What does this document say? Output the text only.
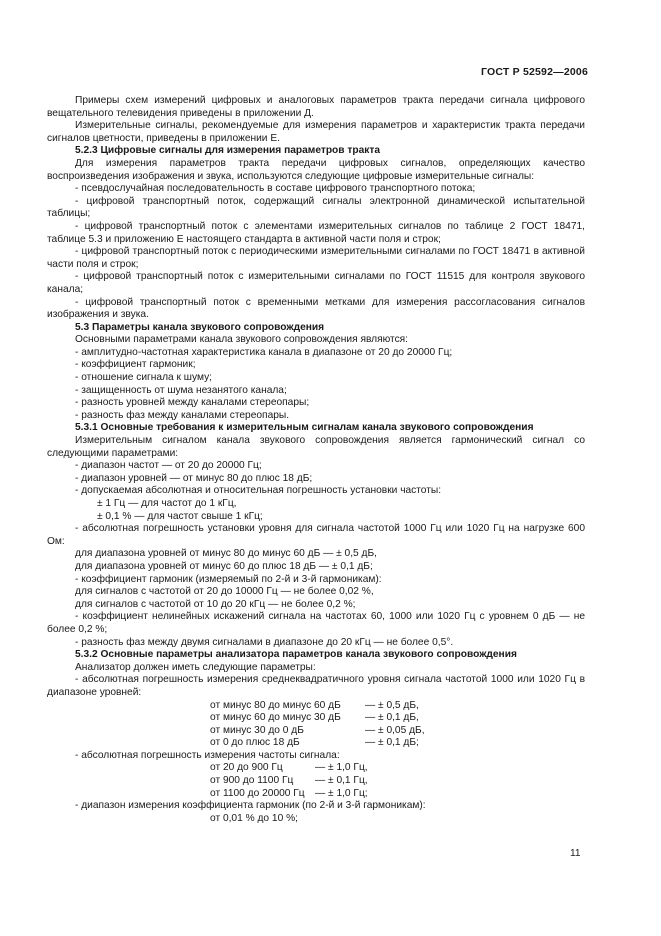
ГОСТ Р 52592—2006

Примеры схем измерений цифровых и аналоговых параметров тракта передачи сигнала цифрового вещательного телевидения приведены в приложении Д.

Измерительные сигналы, рекомендуемые для измерения параметров и характеристик тракта передачи сигналов цветности, приведены в приложении Е.

5.2.3 Цифровые сигналы для измерения параметров тракта

Для измерения параметров тракта передачи цифровых сигналов, определяющих качество воспроизведения изображения и звука, используются следующие цифровые измерительные сигналы:

- псевдослучайная последовательность в составе цифрового транспортного потока;

- цифровой транспортный поток, содержащий сигналы электронной динамической испытательной таблицы;

- цифровой транспортный поток с элементами измерительных сигналов по таблице 2 ГОСТ 18471, таблице 5.3 и приложению Е настоящего стандарта в активной части поля и строк;

- цифровой транспортный поток с периодическими измерительными сигналами по ГОСТ 18471 в активной части поля и строк;

- цифровой транспортный поток с измерительными сигналами по ГОСТ 11515 для контроля звукового канала;

- цифровой транспортный поток с временными метками для измерения рассогласования сигналов изображения и звука.

5.3 Параметры канала звукового сопровождения

Основными параметрами канала звукового сопровождения являются:

- амплитудно-частотная характеристика канала в диапазоне от 20 до 20000 Гц;

- коэффициент гармоник;

- отношение сигнала к шуму;

- защищенность от шума незанятого канала;

- разность уровней между каналами стереопары;

- разность фаз между каналами стереопары.

5.3.1 Основные требования к измерительным сигналам канала звукового сопровождения

Измерительным сигналом канала звукового сопровождения является гармонический сигнал со следующими параметрами:

- диапазон частот — от 20 до 20000 Гц;

- диапазон уровней — от минус 80 до плюс 18 дБ;

- допускаемая абсолютная и относительная погрешность установки частоты:

± 1 Гц — для частот до 1 кГц,

± 0,1 % — для частот свыше 1 кГц;

- абсолютная погрешность установки уровня для сигнала частотой 1000 Гц или 1020 Гц на нагрузке 600 Ом:

для диапазона уровней от минус 80 до минус 60 дБ — ± 0,5 дБ,

для диапазона уровней от минус 60 до плюс 18 дБ — ± 0,1 дБ;

- коэффициент гармоник (измеряемый по 2-й и 3-й гармоникам):

для сигналов с частотой от 20 до 10000 Гц — не более 0,02 %,

для сигналов с частотой от 10 до 20 кГц — не более 0,2 %;

- коэффициент нелинейных искажений сигнала на частотах 60, 1000 или 1020 Гц с уровнем 0 дБ — не более 0,2 %;

- разность фаз между двумя сигналами в диапазоне до 20 кГц — не более 0,5°.

5.3.2 Основные параметры анализатора параметров канала звукового сопровождения

Анализатор должен иметь следующие параметры:

- абсолютная погрешность измерения среднеквадратичного уровня сигнала частотой 1000 или 1020 Гц в диапазоне уровней:

от минус 80 до минус 60 дБ	— ± 0,5 дБ,
от минус 60 до минус 30 дБ	— ± 0,1 дБ,
от минус 30 до 0 дБ	— ± 0,05 дБ,
от 0 до плюс 18 дБ	— ± 0,1 дБ;

- абсолютная погрешность измерения частоты сигнала:

от 20 до 900 Гц	— ± 1,0 Гц,
от 900 до 1100 Гц	— ± 0,1 Гц,
от 1100 до 20000 Гц	— ± 1,0 Гц;

- диапазон измерения коэффициента гармоник (по 2-й и 3-й гармоникам):

от 0,01 % до 10 %;

11
